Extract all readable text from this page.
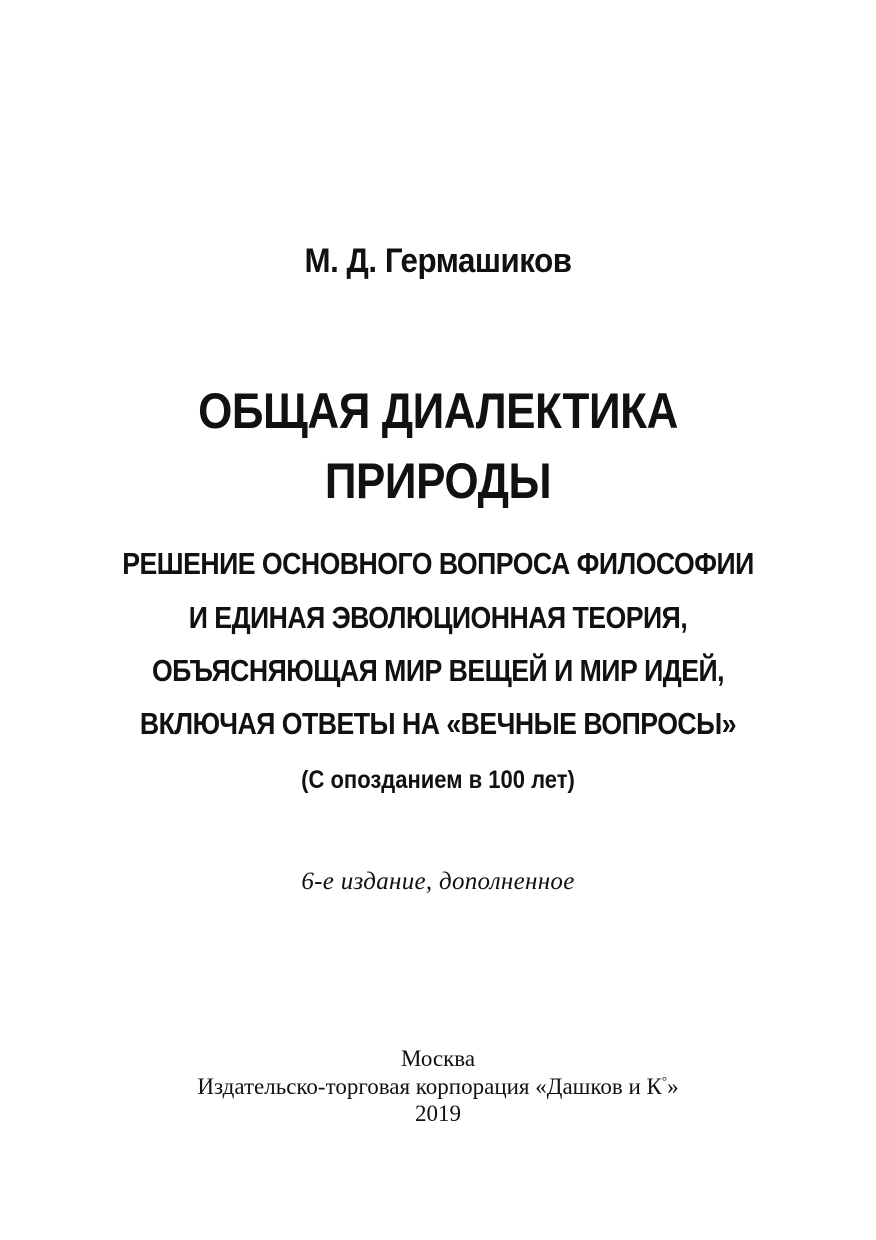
М. Д. Гермашиков
ОБЩАЯ ДИАЛЕКТИКА
ПРИРОДЫ
РЕШЕНИЕ ОСНОВНОГО ВОПРОСА ФИЛОСОФИИ
И ЕДИНАЯ ЭВОЛЮЦИОННАЯ ТЕОРИЯ,
ОБЪЯСНЯЮЩАЯ МИР ВЕЩЕЙ И МИР ИДЕЙ,
ВКЛЮЧАЯ ОТВЕТЫ НА «ВЕЧНЫЕ ВОПРОСЫ»
(С опозданием в 100 лет)
6-е издание, дополненное
Москва
Издательско-торговая корпорация «Дашков и К°»
2019
